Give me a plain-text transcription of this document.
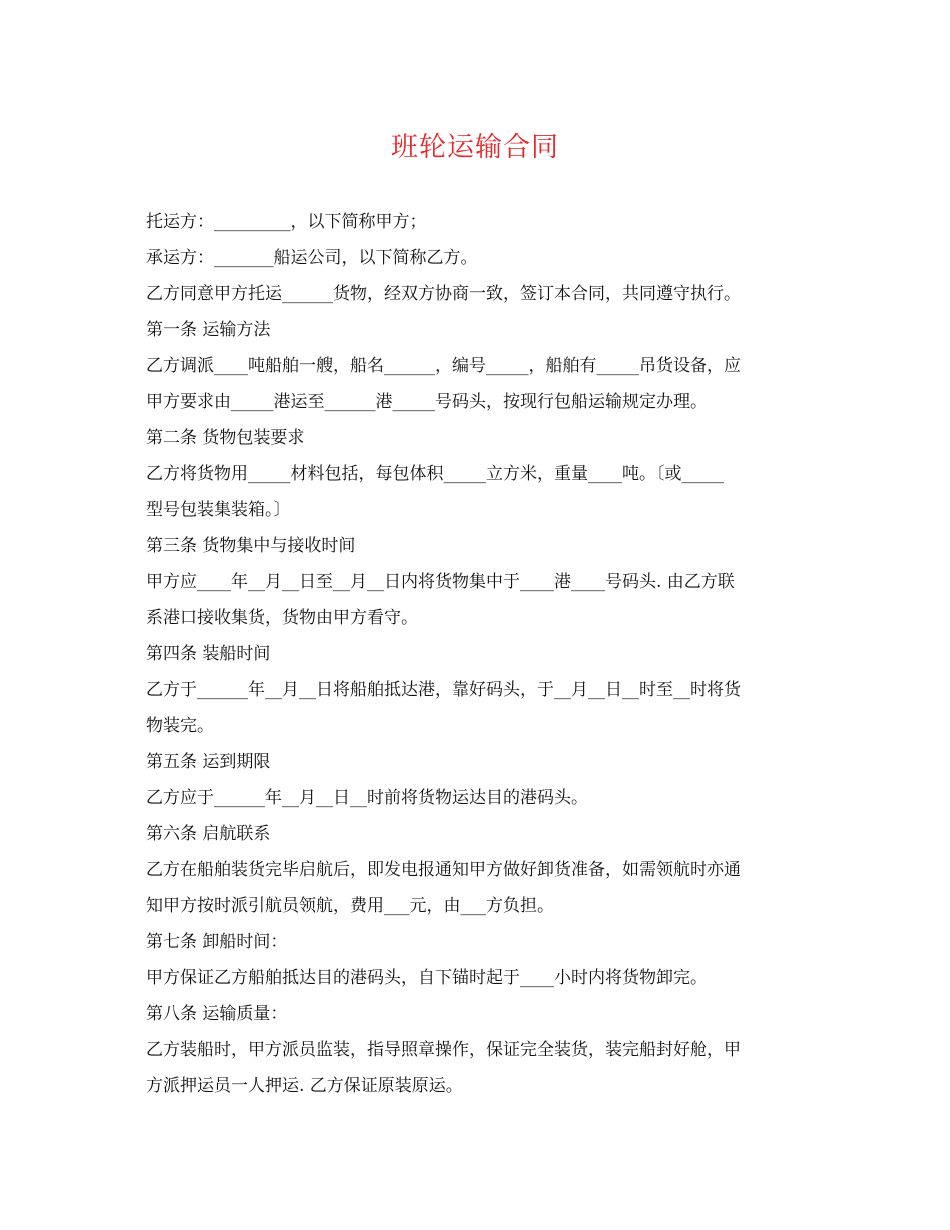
班轮运输合同

托运方：_________，以下简称甲方；

承运方：_______船运公司，以下简称乙方。

乙方同意甲方托运______货物，经双方协商一致，签订本合同，共同遵守执行。

第一条 运输方法

乙方调派____吨船舶一艘，船名______，编号_____，船舶有_____吊货设备，应

甲方要求由_____港运至______港_____号码头，按现行包船运输规定办理。

第二条 货物包装要求

乙方将货物用_____材料包括，每包体积_____立方米，重量____吨。〔或_____

型号包装集装箱。〕

第三条 货物集中与接收时间

甲方应____年__月__日至__月__日内将货物集中于____港____号码头. 由乙方联

系港口接收集货，货物由甲方看守。

第四条 装船时间

乙方于______年__月__日将船舶抵达港，靠好码头，于__月__日__时至__时将货

物装完。

第五条 运到期限

乙方应于______年__月__日__时前将货物运达目的港码头。

第六条 启航联系

乙方在船舶装货完毕启航后，即发电报通知甲方做好卸货准备，如需领航时亦通

知甲方按时派引航员领航，费用___元，由___方负担。

第七条 卸船时间：

甲方保证乙方船舶抵达目的港码头，自下锚时起于____小时内将货物卸完。

第八条 运输质量：

乙方装船时，甲方派员监装，指导照章操作，保证完全装货，装完船封好舱，甲

方派押运员一人押运. 乙方保证原装原运。
